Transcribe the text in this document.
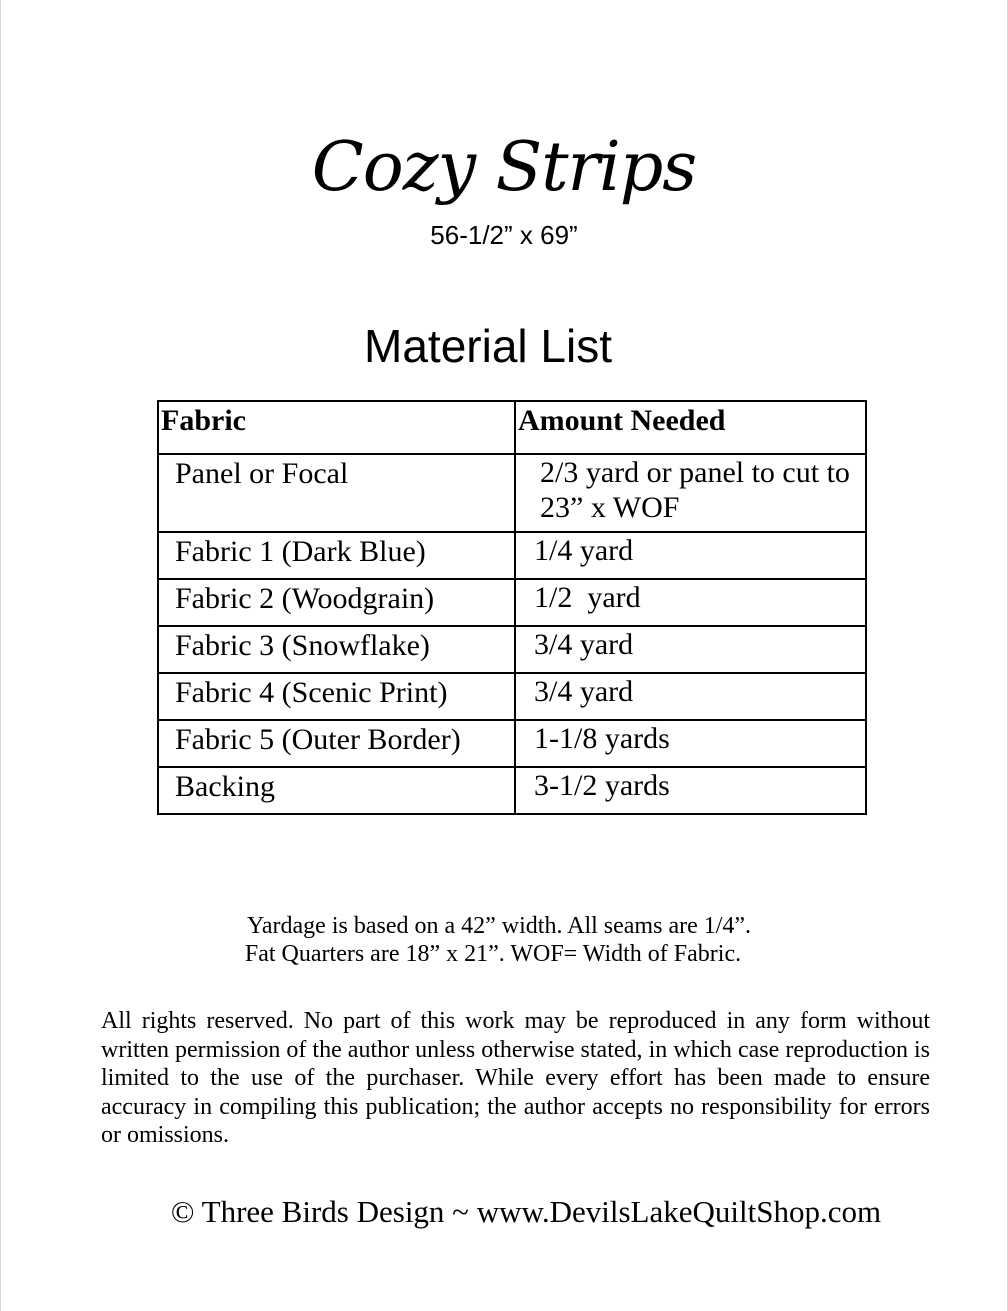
Cozy Strips
56-1/2” x 69”
Material List
Fabric	Amount Needed
Panel or Focal	2/3 yard or panel to cut to 23” x WOF
Fabric 1 (Dark Blue)	1/4 yard
Fabric 2 (Woodgrain)	1/2  yard
Fabric 3 (Snowflake)	3/4 yard
Fabric 4 (Scenic Print)	3/4 yard
Fabric 5 (Outer Border)	1-1/8 yards
Backing	3-1/2 yards
Yardage is based on a 42” width. All seams are 1/4”.
Fat Quarters are 18” x 21”. WOF= Width of Fabric.
All rights reserved. No part of this work may be reproduced in any form without written permission of the author unless otherwise stated, in which case reproduction is limited to the use of the purchaser. While every effort has been made to ensure accuracy in compiling this publication; the author accepts no responsibility for errors or omissions.
© Three Birds Design ~ www.DevilsLakeQuiltShop.com
